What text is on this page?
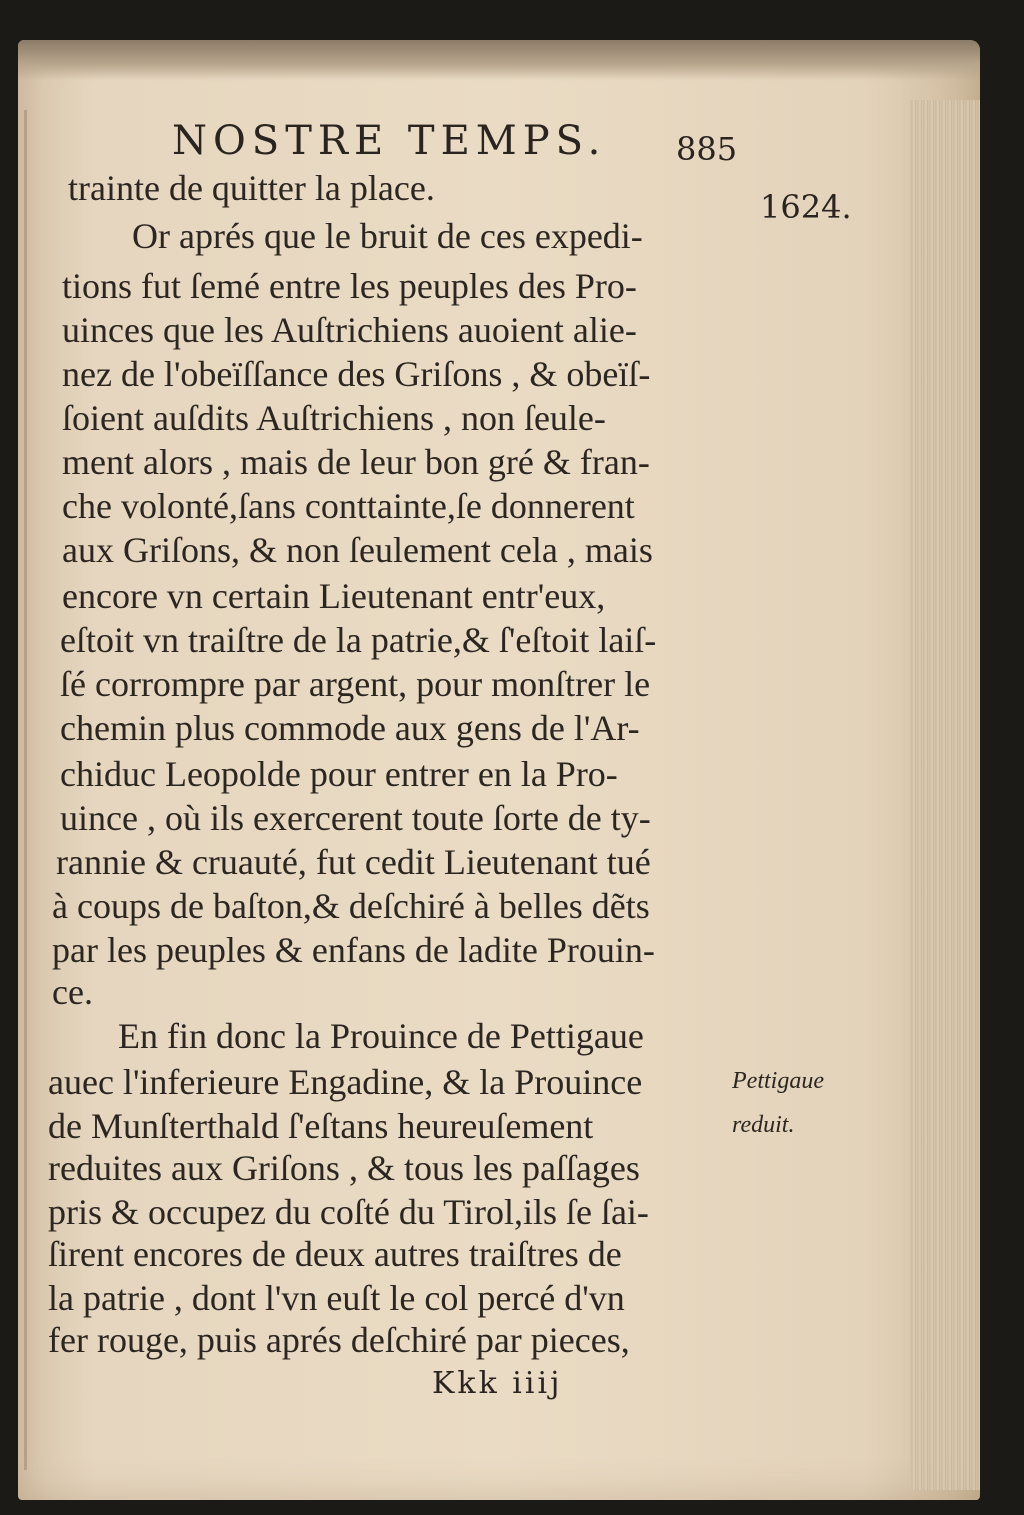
NOSTRE TEMPS. 885
1624.
trainte de quitter la place.
Or aprés que le bruit de ces expedi-
tions fut ſemé entre les peuples des Pro-
uinces que les Auſtrichiens auoient alie-
nez de l'obeïſſance des Griſons , & obeïſ-
ſoient auſdits Auſtrichiens , non ſeule-
ment alors , mais de leur bon gré & fran-
che volonté,ſans conttainte,ſe donnerent
aux Griſons, & non ſeulement cela , mais
encore vn certain Lieutenant entr'eux,
eſtoit vn traiſtre de la patrie,& ſ'eſtoit laiſ-
ſé corrompre par argent, pour monſtrer le
chemin plus commode aux gens de l'Ar-
chiduc Leopolde pour entrer en la Pro-
uince , où ils exercerent toute ſorte de ty-
rannie & cruauté, fut cedit Lieutenant tué
à coups de baſton,& deſchiré à belles dẽts
par les peuples & enfans de ladite Prouin-
ce.
En fin donc la Prouince de Pettigaue
auec l'inferieure Engadine, & la Prouince
de Munſterthald ſ'eſtans heureuſement
reduites aux Griſons , & tous les paſſages
pris & occupez du coſté du Tirol,ils ſe ſai-
ſirent encores de deux autres traiſtres de
la patrie , dont l'vn euſt le col percé d'vn
fer rouge, puis aprés deſchiré par pieces,
Pettigaue
reduit.
Kkk iiij
